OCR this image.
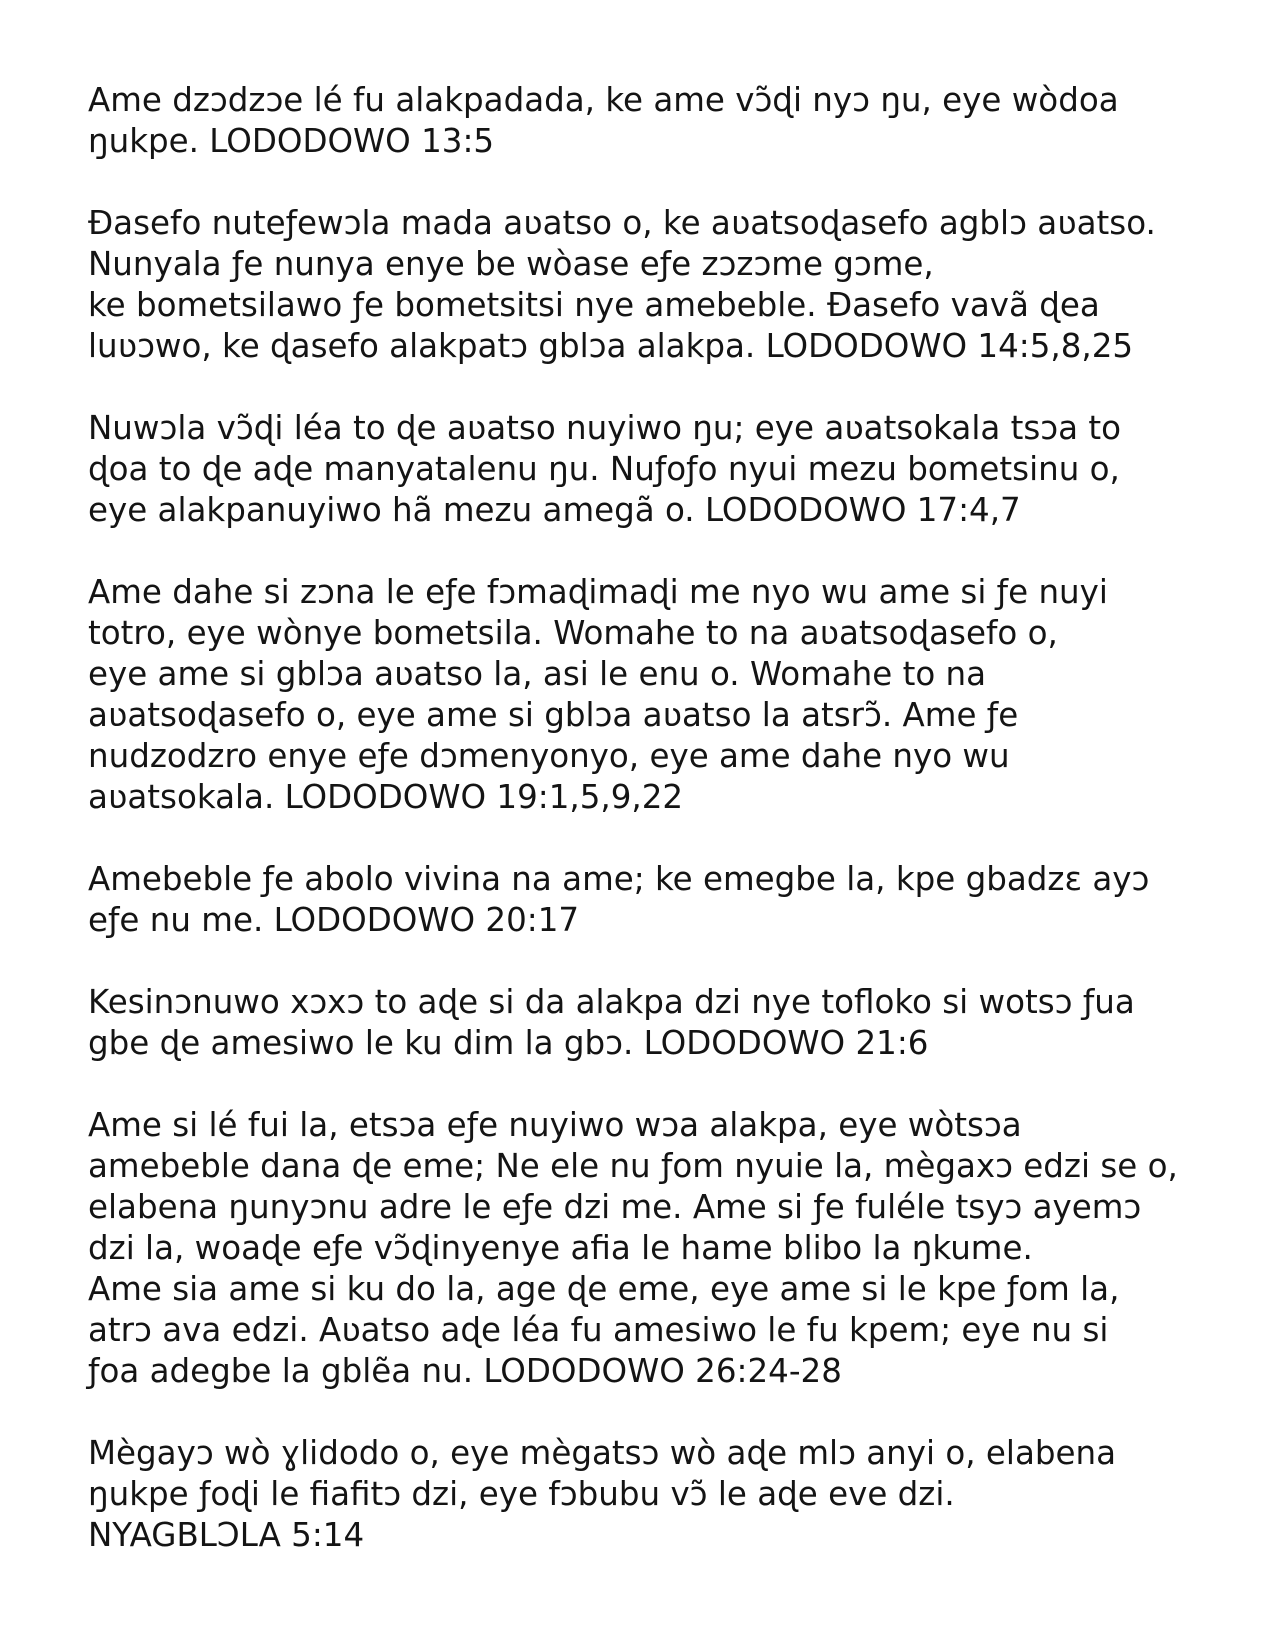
Ame dzɔdzɔe lé fu alakpadada, ke ame vɔ̃ɖi nyɔ ŋu, eye wòdoa
ŋukpe. LODODOWO 13:5

Ɖasefo nuteƒewɔla mada aʋatso o, ke aʋatsoɖasefo agblɔ aʋatso.
Nunyala ƒe nunya enye be wòase eƒe zɔzɔme gɔme,
ke bometsilawo ƒe bometsitsi nye amebeble. Ɖasefo vavã ɖea
luʋɔwo, ke ɖasefo alakpatɔ gblɔa alakpa. LODODOWO 14:5,8,25

Nuwɔla vɔ̃ɖi léa to ɖe aʋatso nuyiwo ŋu; eye aʋatsokala tsɔa to
ɖoa to ɖe aɖe manyatalenu ŋu. Nuƒoƒo nyui mezu bometsinu o,
eye alakpanuyiwo hã mezu amegã o. LODODOWO 17:4,7

Ame dahe si zɔna le eƒe fɔmaɖimaɖi me nyo wu ame si ƒe nuyi
totro, eye wònye bometsila. Womahe to na aʋatsoɖasefo o,
eye ame si gblɔa aʋatso la, asi le enu o. Womahe to na
aʋatsoɖasefo o, eye ame si gblɔa aʋatso la atsrɔ̃. Ame ƒe
nudzodzro enye eƒe dɔmenyonyo, eye ame dahe nyo wu
aʋatsokala. LODODOWO 19:1,5,9,22

Amebeble ƒe abolo vivina na ame; ke emegbe la, kpe gbadzɛ ayɔ
eƒe nu me. LODODOWO 20:17

Kesinɔnuwo xɔxɔ to aɖe si da alakpa dzi nye tofloko si wotsɔ ƒua
gbe ɖe amesiwo le ku dim la gbɔ. LODODOWO 21:6

Ame si lé fui la, etsɔa eƒe nuyiwo wɔa alakpa, eye wòtsɔa
amebeble dana ɖe eme; Ne ele nu ƒom nyuie la, mègaxɔ edzi se o,
elabena ŋunyɔnu adre le eƒe dzi me. Ame si ƒe fuléle tsyɔ ayemɔ
dzi la, woaɖe eƒe vɔ̃ɖinyenye afia le hame blibo la ŋkume.
Ame sia ame si ku do la, age ɖe eme, eye ame si le kpe ƒom la,
atrɔ ava edzi. Aʋatso aɖe léa fu amesiwo le fu kpem; eye nu si
ƒoa adegbe la gblẽa nu. LODODOWO 26:24-28

Mègayɔ wò ɣlidodo o, eye mègatsɔ wò aɖe mlɔ anyi o, elabena
ŋukpe ƒoɖi le fiafitɔ dzi, eye fɔbubu vɔ̃ le aɖe eve dzi.
NYAGBLƆLA 5:14
